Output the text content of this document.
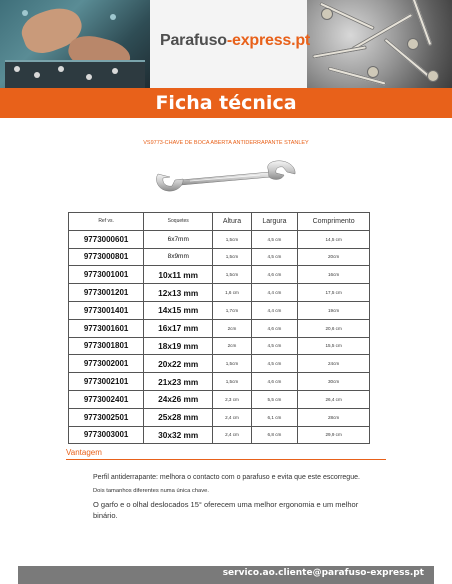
Parafuso-express.pt
Ficha técnica
VS9773-CHAVE DE BOCA ABERTA ANTIDERRAPANTE STANLEY
Ref vs.	Soquetes	Altura	Largura	Comprimento
9773000601	6x7mm	1,5cm	4,5 cm	14,5 cm
9773000801	8x9mm	1,5cm	4,5 cm	20cm
9773001001	10x11 mm	1,5cm	4,6 cm	16cm
9773001201	12x13 mm	1,6 cm	4,4 cm	17,5 cm
9773001401	14x15 mm	1,7cm	4,4 cm	19cm
9773001601	16x17 mm	2cm	4,6 cm	20,6 cm
9773001801	18x19 mm	2cm	4,5 cm	15,5 cm
9773002001	20x22 mm	1,5cm	4,5 cm	24cm
9773002101	21x23 mm	1,5cm	4,6 cm	30cm
9773002401	24x26 mm	2,3 cm	5,5 cm	26,4 cm
9773002501	25x28 mm	2,4 cm	6,1 cm	28cm
9773003001	30x32 mm	2,4 cm	6,8 cm	29,9 cm
Vantagem
Perfil antiderrapante: melhora o contacto com o parafuso e evita que este escorregue.
Dois tamanhos diferentes numa única chave.
O garfo e o olhal deslocados 15° oferecem uma melhor ergonomia e um melhor binário.
servico.ao.cliente@parafuso-express.pt
